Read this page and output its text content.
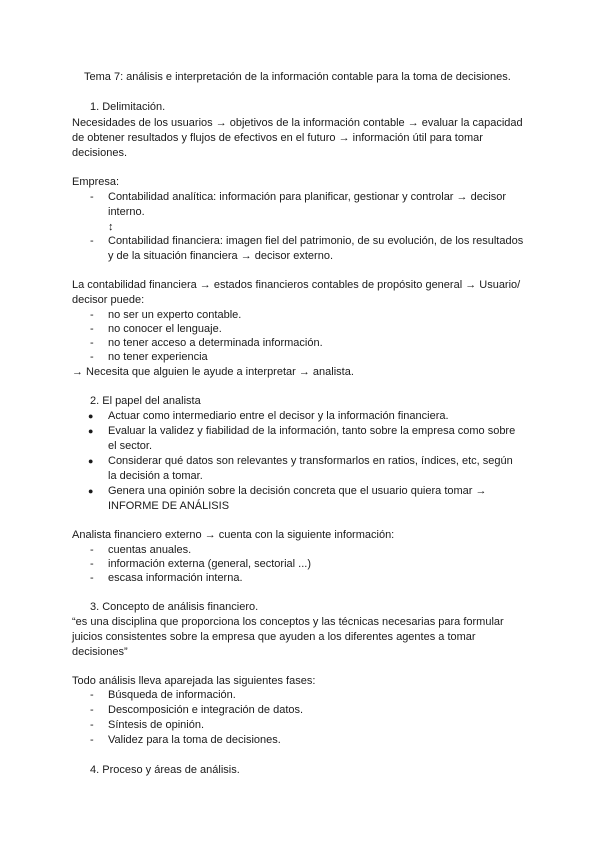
Tema 7: análisis e interpretación de la información contable para la toma de decisiones.
1. Delimitación.
Necesidades de los usuarios → objetivos de la información contable → evaluar la capacidad
de obtener resultados y flujos de efectivos en el futuro → información útil para tomar
decisiones.
Empresa:
- Contabilidad analítica: información para planificar, gestionar y controlar → decisor
interno.
↕
- Contabilidad financiera: imagen fiel del patrimonio, de su evolución, de los resultados
y de la situación financiera → decisor externo.
La contabilidad financiera → estados financieros contables de propósito general → Usuario/
decisor puede:
- no ser un experto contable.
- no conocer el lenguaje.
- no tener acceso a determinada información.
- no tener experiencia
→ Necesita que alguien le ayude a interpretar → analista.
2. El papel del analista
● Actuar como intermediario entre el decisor y la información financiera.
● Evaluar la validez y fiabilidad de la información, tanto sobre la empresa como sobre
el sector.
● Considerar qué datos son relevantes y transformarlos en ratios, índices, etc, según
la decisión a tomar.
● Genera una opinión sobre la decisión concreta que el usuario quiera tomar →
INFORME DE ANÁLISIS
Analista financiero externo → cuenta con la siguiente información:
- cuentas anuales.
- información externa (general, sectorial ...)
- escasa información interna.
3. Concepto de análisis financiero.
“es una disciplina que proporciona los conceptos y las técnicas necesarias para formular
juicios consistentes sobre la empresa que ayuden a los diferentes agentes a tomar
decisiones”
Todo análisis lleva aparejada las siguientes fases:
- Búsqueda de información.
- Descomposición e integración de datos.
- Síntesis de opinión.
- Validez para la toma de decisiones.
4. Proceso y áreas de análisis.
